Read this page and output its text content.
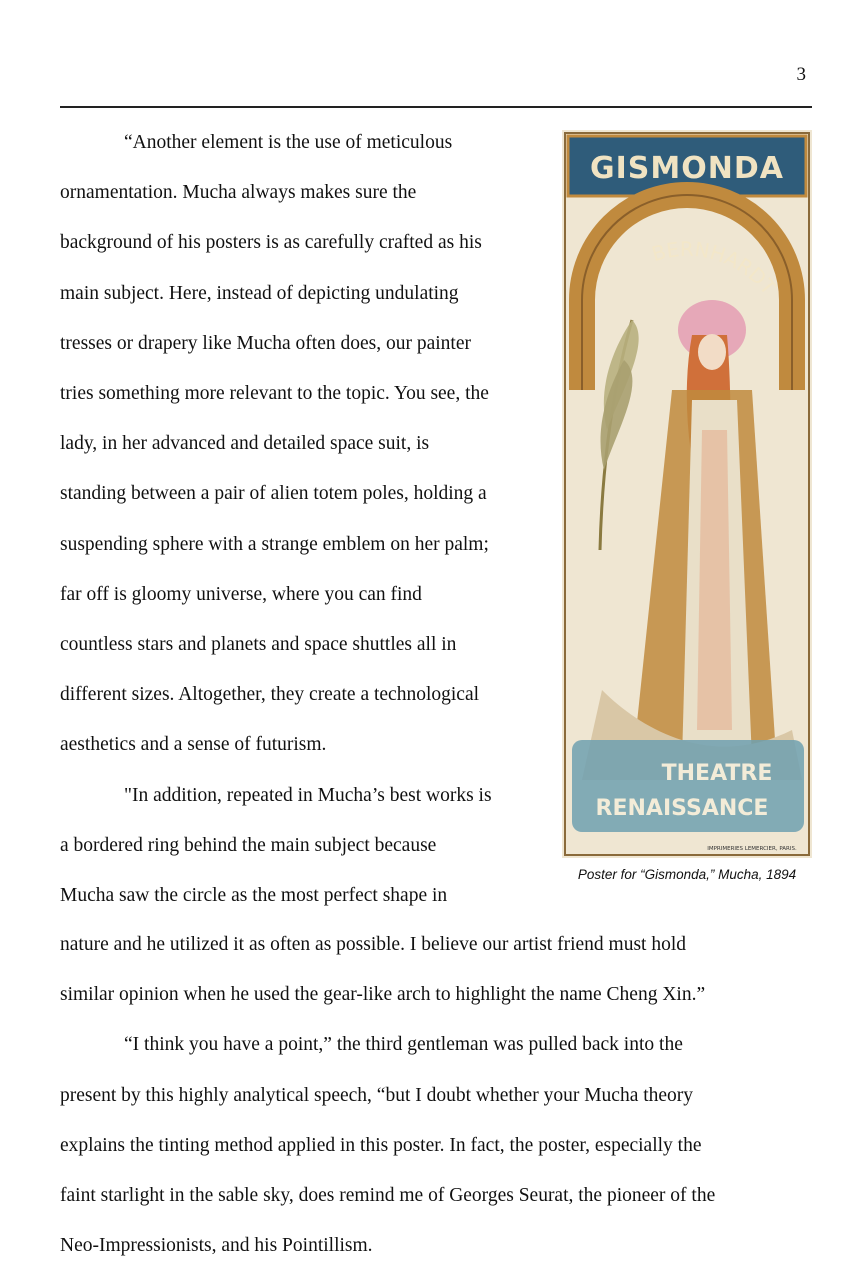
3

“Another element is the use of meticulous
ornamentation. Mucha always makes sure the
background of his posters is as carefully crafted as his
main subject. Here, instead of depicting undulating
tresses or drapery like Mucha often does, our painter
tries something more relevant to the topic. You see, the
lady, in her advanced and detailed space suit, is
standing between a pair of alien totem poles, holding a
suspending sphere with a strange emblem on her palm;
far off is gloomy universe, where you can find
countless stars and planets and space shuttles all in
different sizes. Altogether, they create a technological
aesthetics and a sense of futurism.

"In addition, repeated in Mucha’s best works is
a bordered ring behind the main subject because
Mucha saw the circle as the most perfect shape in

nature and he utilized it as often as possible. I believe our artist friend must hold
similar opinion when he used the gear-like arch to highlight the name Cheng Xin.”

“I think you have a point,” the third gentleman was pulled back into the
present by this highly analytical speech, “but I doubt whether your Mucha theory
explains the tinting method applied in this poster. In fact, the poster, especially the
faint starlight in the sable sky, does remind me of Georges Seurat, the pioneer of the
Neo-Impressionists, and his Pointillism.

GISMONDA
BERNHARDT
THEATRE
RENAISSANCE
IMPRIMERIES LEMERCIER, PARIS.
Poster for “Gismonda,” Mucha, 1894
